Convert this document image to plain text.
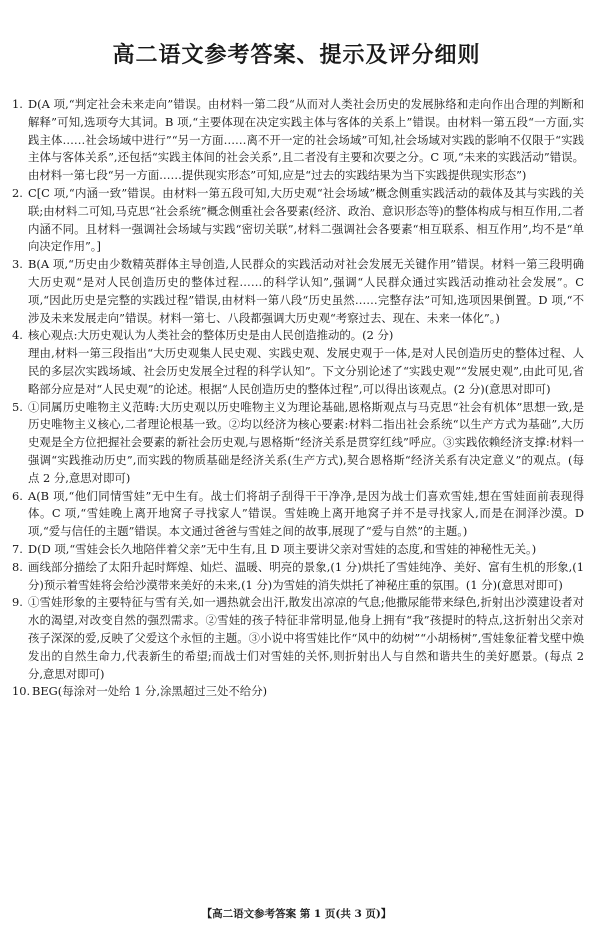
高二语文参考答案、提示及评分细则
1. D(A 项,“判定社会未来走向”错误。由材料一第二段“从而对人类社会历史的发展脉络和走向作出合理的判断和解释”可知,选项夸大其词。B 项,“主要体现在决定实践主体与客体的关系上”错误。由材料一第五段“一方面,实践主体……社会场域中进行”“另一方面……离不开一定的社会场域”可知,社会场域对实践的影响不仅限于“实践主体与客体关系”,还包括“实践主体间的社会关系”,且二者没有主要和次要之分。C 项,“未来的实践活动”错误。由材料一第七段“另一方面……提供现实形态”可知,应是“过去的实践结果为当下实践提供现实形态”)

2. C[C 项,“内涵一致”错误。由材料一第五段可知,大历史观“社会场域”概念侧重实践活动的载体及其与实践的关联;由材料二可知,马克思“社会系统”概念侧重社会各要素(经济、政治、意识形态等)的整体构成与相互作用,二者内涵不同。且材料一强调社会场域与实践“密切关联”,材料二强调社会各要素“相互联系、相互作用”,均不是“单向决定作用”。]

3. B(A 项,“历史由少数精英群体主导创造,人民群众的实践活动对社会发展无关键作用”错误。材料一第三段明确大历史观“是对人民创造历史的整体过程……的科学认知”,强调“人民群众通过实践活动推动社会发展”。C 项,“因此历史是完整的实践过程”错误,由材料一第八段“历史虽然……完整存法”可知,选项因果倒置。D 项,“不涉及未来发展走向”错误。材料一第七、八段都强调大历史观“考察过去、现在、未来一体化”。)

4. 核心观点:大历史观认为人类社会的整体历史是由人民创造推动的。(2 分)

理由,材料一第三段指出“大历史观集人民史观、实践史观、发展史观于一体,是对人民创造历史的整体过程、人民的多层次实践场域、社会历史发展全过程的科学认知”。下文分别论述了“实践史观”“发展史观”,由此可见,省略部分应是对“人民史观”的论述。根据“人民创造历史的整体过程”,可以得出该观点。(2 分)(意思对即可)

5. ①同属历史唯物主义范畴:大历史观以历史唯物主义为理论基础,恩格斯观点与马克思“社会有机体”思想一致,是历史唯物主义核心,二者理论根基一致。②均以经济为核心要素:材料二指出社会系统“以生产方式为基础”,大历史观是全方位把握社会要素的新社会历史观,与恩格斯“经济关系是贯穿红线”呼应。③实践依赖经济支撑:材料一强调“实践推动历史”,而实践的物质基础是经济关系(生产方式),契合恩格斯“经济关系有决定意义”的观点。(每点 2 分,意思对即可)

6. A(B 项,“他们同情雪娃”无中生有。战士们将胡子刮得干干净净,是因为战士们喜欢雪娃,想在雪娃面前表现得体。C 项,“雪娃晚上离开地窝子寻找家人”错误。雪娃晚上离开地窝子并不是寻找家人,而是在洞泽沙漠。D 项,“爱与信任的主题”错误。本文通过爸爸与雪娃之间的故事,展现了“爱与自然”的主题。)

7. D(D 项,“雪娃会长久地陪伴着父亲”无中生有,且 D 项主要讲父亲对雪娃的态度,和雪娃的神秘性无关。)

8. 画线部分描绘了太阳升起时辉煌、灿烂、温暖、明亮的景象,(1 分)烘托了雪娃纯净、美好、富有生机的形象,(1 分)预示着雪娃将会给沙漠带来美好的未来,(1 分)为雪娃的消失烘托了神秘庄重的氛围。(1 分)(意思对即可)

9. ①雪娃形象的主要特征与雪有关,如一遇热就会出汗,散发出凉凉的气息;他撒尿能带来绿色,折射出沙漠建设者对水的渴望,对改变自然的强烈需求。②雪娃的孩子特征非常明显,他身上拥有“我”孩提时的特点,这折射出父亲对孩子深深的爱,反映了父爱这个永恒的主题。③小说中将雪娃比作“风中的幼树”“小胡杨树”,雪娃象征着戈壁中焕发出的自然生命力,代表新生的希望;而战士们对雪娃的关怀,则折射出人与自然和谐共生的美好愿景。(每点 2 分,意思对即可)

10. BEG(每涂对一处给 1 分,涂黑超过三处不给分)

【高二语文参考答案 第 1 页(共 3 页)】
